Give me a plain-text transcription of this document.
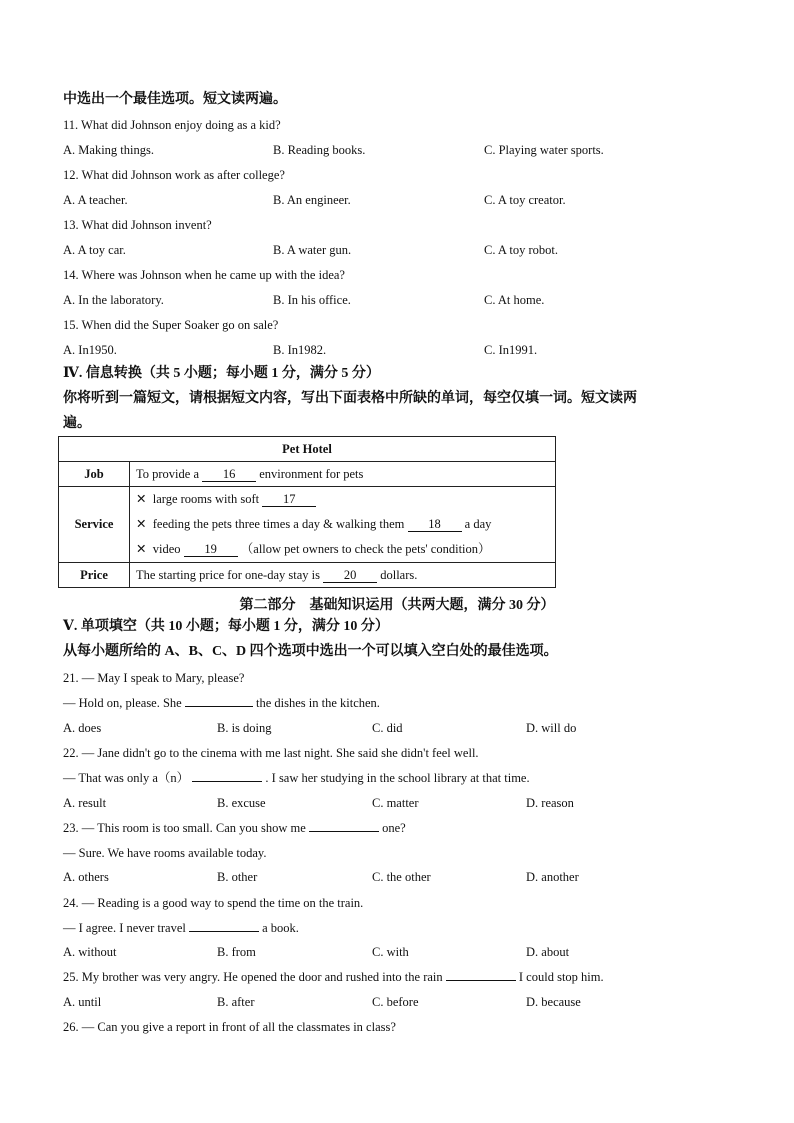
中选出一个最佳选项。短文读两遍。
11. What did Johnson enjoy doing as a kid?
A. Making things.	B. Reading books.	C. Playing water sports.
12. What did Johnson work as after college?
A. A teacher.	B. An engineer.	C. A toy creator.
13. What did Johnson invent?
A. A toy car.	B. A water gun.	C. A toy robot.
14. Where was Johnson when he came up with the idea?
A. In the laboratory.	B. In his office.	C. At home.
15. When did the Super Soaker go on sale?
A. In1950.	B. In1982.	C. In1991.
Ⅳ. 信息转换（共 5 小题；每小题 1 分，满分 5 分）
你将听到一篇短文，请根据短文内容，写出下面表格中所缺的单词，每空仅填一词。短文读两
遍。
Pet Hotel	
Job	To provide a 16 environment for pets
Service	✕ large rooms with soft 17
✕ feeding the pets three times a day & walking them 18 a day
✕ video 19 （allow pet owners to check the pets' condition）

Price	The starting price for one-day stay is 20 dollars.
第二部分　基础知识运用（共两大题，满分 30 分）
Ⅴ. 单项填空（共 10 小题；每小题 1 分，满分 10 分）
从每小题所给的 A、B、C、D 四个选项中选出一个可以填入空白处的最佳选项。
21. — May I speak to Mary, please?
— Hold on, please. She	the dishes in the kitchen.
A. does	B. is doing	C. did	D. will do
22. — Jane didn't go to the cinema with me last night. She said she didn't feel well.
— That was only a（n）	. I saw her studying in the school library at that time.
A. result	B. excuse	C. matter	D. reason
23. — This room is too small. Can you show me	one?
— Sure. We have rooms available today.
A. others	B. other	C. the other	D. another
24. — Reading is a good way to spend the time on the train.
— I agree. I never travel	a book.
A. without	B. from	C. with	D. about
25. My brother was very angry. He opened the door and rushed into the rain	I could stop him.
A. until	B. after	C. before	D. because
26. — Can you give a report in front of all the classmates in class?
